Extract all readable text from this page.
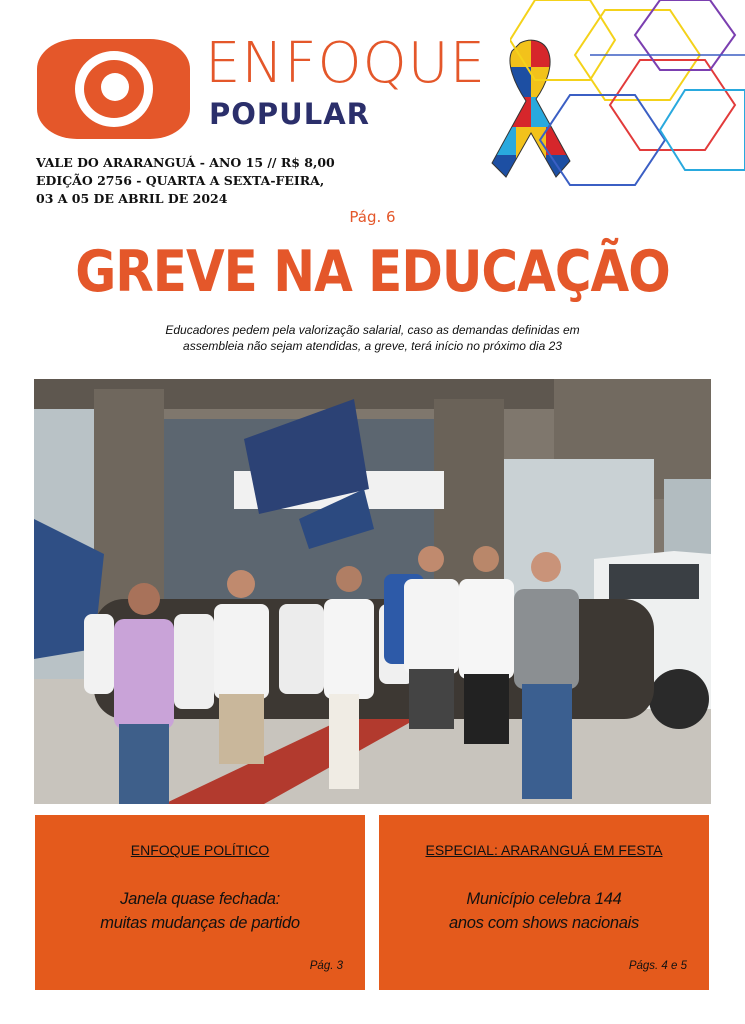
ENFOQUE
POPULAR
VALE DO ARARANGUÁ - ANO 15 // R$ 8,00
EDIÇÃO 2756 - QUARTA A SEXTA-FEIRA,
03 A 05 DE ABRIL DE 2024
Pág. 6
GREVE NA EDUCAÇÃO
Educadores pedem pela valorização salarial, caso as demandas definidas em
assembleia não sejam atendidas, a greve, terá início no próximo dia 23
ENFOQUE POLÍTICO
Janela quase fechada:
muitas mudanças de partido
Pág. 3
ESPECIAL: ARARANGUÁ EM FESTA
Município celebra 144
anos com shows nacionais
Págs. 4 e 5
